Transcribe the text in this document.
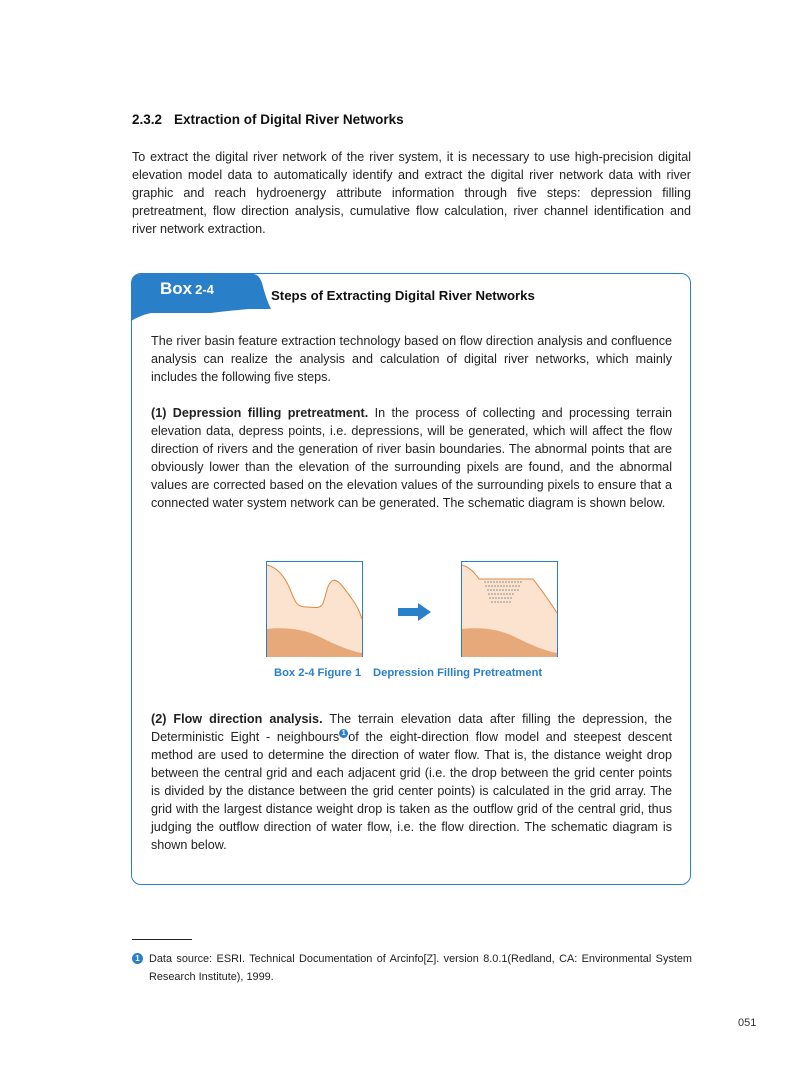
2.3.2 Extraction of Digital River Networks

To extract the digital river network of the river system, it is necessary to use high-precision digital elevation model data to automatically identify and extract the digital river network data with river graphic and reach hydroenergy attribute information through five steps: depression filling pretreatment, flow direction analysis, cumulative flow calculation, river channel identification and river network extraction.

Box 2-4	Steps of Extracting Digital River Networks

The river basin feature extraction technology based on flow direction analysis and confluence analysis can realize the analysis and calculation of digital river networks, which mainly includes the following five steps.

(1) Depression filling pretreatment. In the process of collecting and processing terrain elevation data, depress points, i.e. depressions, will be generated, which will affect the flow direction of rivers and the generation of river basin boundaries. The abnormal points that are obviously lower than the elevation of the surrounding pixels are found, and the abnormal values are corrected based on the elevation values of the surrounding pixels to ensure that a connected water system network can be generated. The schematic diagram is shown below.

Box 2-4 Figure 1 Depression Filling Pretreatment

(2) Flow direction analysis. The terrain elevation data after filling the depression, the Deterministic Eight - neighbours $^1$ of the eight-direction flow model and steepest descent method are used to determine the direction of water flow. That is, the distance weight drop between the central grid and each adjacent grid (i.e. the drop between the grid center points is divided by the distance between the grid center points) is calculated in the grid array. The grid with the largest distance weight drop is taken as the outflow grid of the central grid, thus judging the outflow direction of water flow, i.e. the flow direction. The schematic diagram is shown below.

1 Data source: ESRI. Technical Documentation of Arcinfo[Z]. version 8.0.1(Redland, CA: Environmental System Research Institute), 1999.

051
